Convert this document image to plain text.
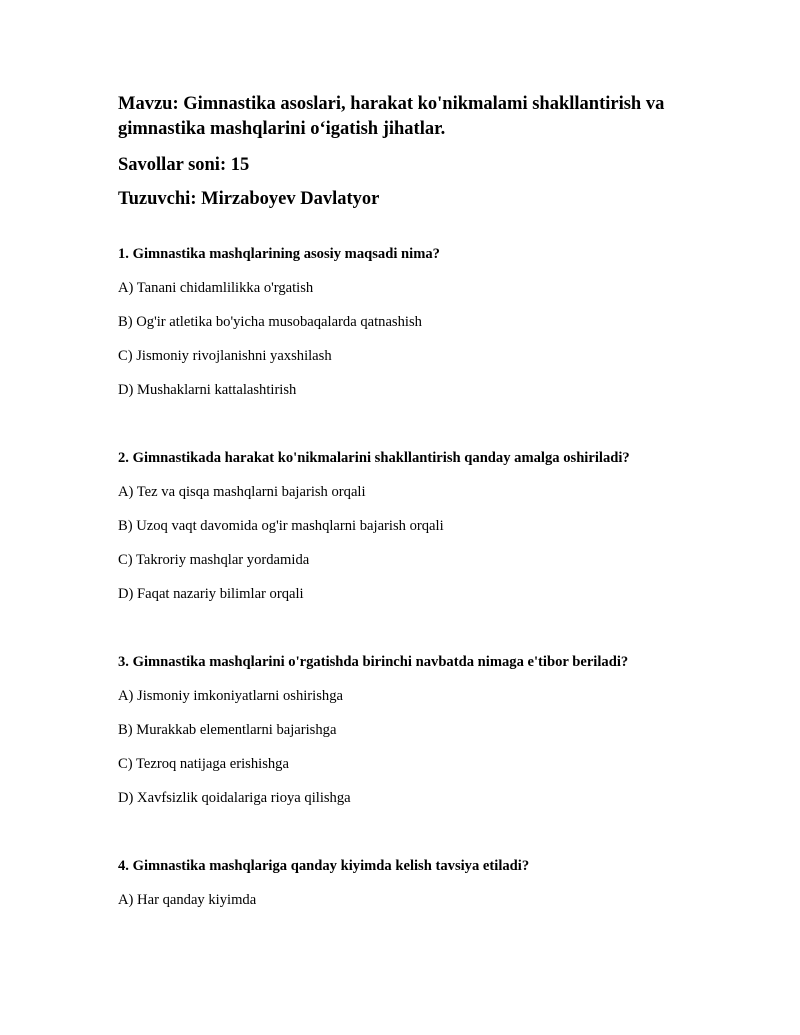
Mavzu: Gimnastika asoslari, harakat ko'nikmalami shakllantirish va gimnastika mashqlarini o‘igatish jihatlar.

Savollar soni: 15

Tuzuvchi: Mirzaboyev Davlatyor

1. Gimnastika mashqlarining asosiy maqsadi nima?

A) Tanani chidamlilikka o'rgatish

B) Og'ir atletika bo'yicha musobaqalarda qatnashish

C) Jismoniy rivojlanishni yaxshilash

D) Mushaklarni kattalashtirish

2. Gimnastikada harakat ko'nikmalarini shakllantirish qanday amalga oshiriladi?

A) Tez va qisqa mashqlarni bajarish orqali

B) Uzoq vaqt davomida og'ir mashqlarni bajarish orqali

C) Takroriy mashqlar yordamida

D) Faqat nazariy bilimlar orqali

3. Gimnastika mashqlarini o'rgatishda birinchi navbatda nimaga e'tibor beriladi?

A) Jismoniy imkoniyatlarni oshirishga

B) Murakkab elementlarni bajarishga

C) Tezroq natijaga erishishga

D) Xavfsizlik qoidalariga rioya qilishga

4. Gimnastika mashqlariga qanday kiyimda kelish tavsiya etiladi?

A) Har qanday kiyimda
